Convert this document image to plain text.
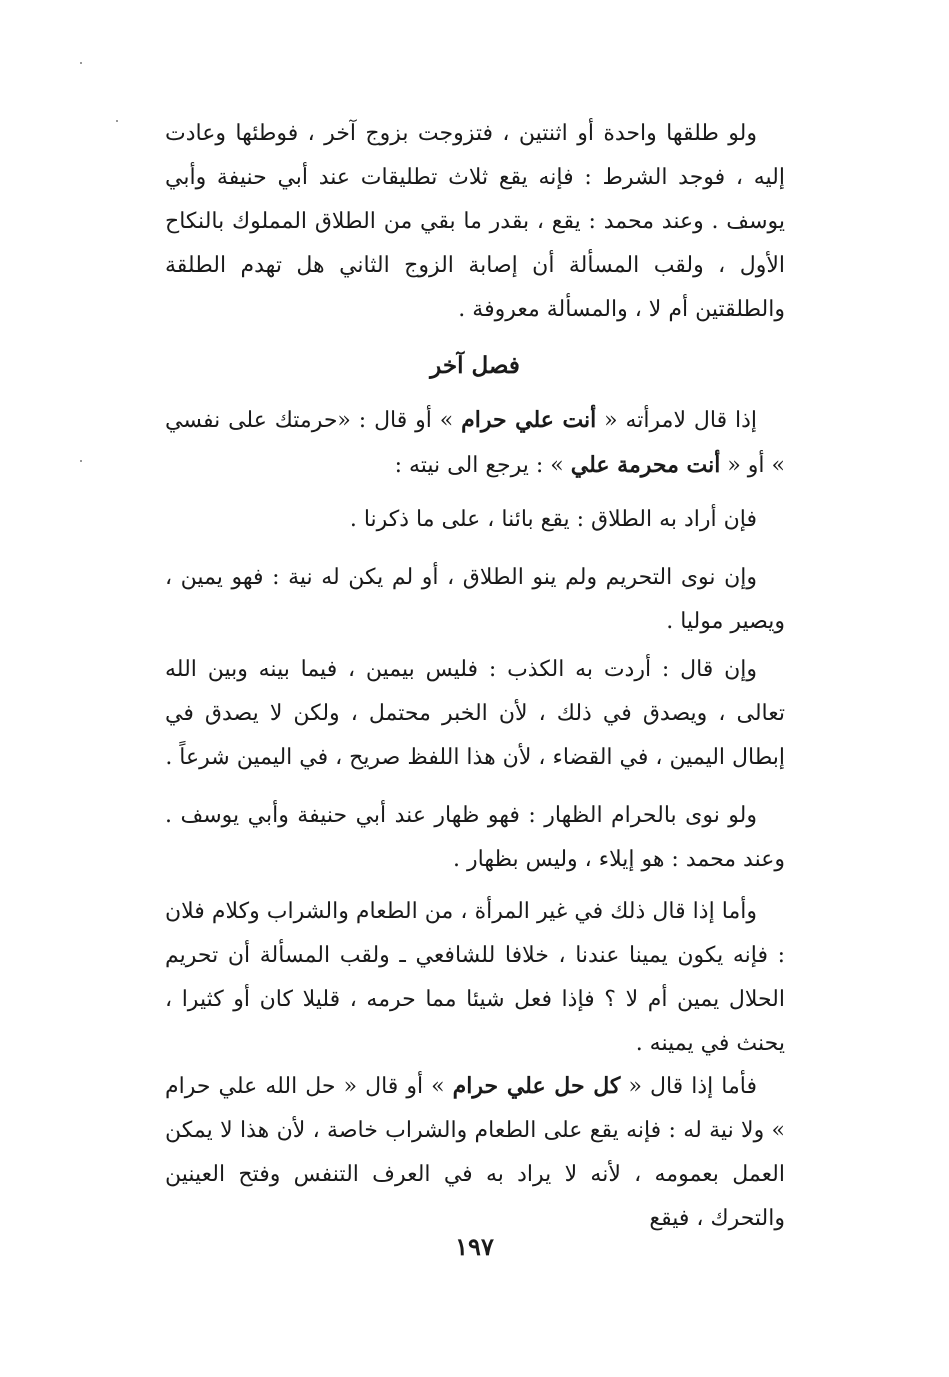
ولو طلقها واحدة أو اثنتين ، فتزوجت بزوج آخر ، فوطئها وعادت إليه ، فوجد الشرط : فإنه يقع ثلاث تطليقات عند أبي حنيفة وأبي يوسف . وعند محمد : يقع ، بقدر ما بقي من الطلاق المملوك بالنكاح الأول ، ولقب المسألة أن إصابة الزوج الثاني هل تهدم الطلقة والطلقتين أم لا ، والمسألة معروفة .

فصل آخر

إذا قال لامرأته « أنت علي حرام » أو قال : «حرمتك على نفسي » أو « أنت محرمة علي » : يرجع الى نيته :

فإن أراد به الطلاق : يقع بائنا ، على ما ذكرنا .

وإن نوى التحريم ولم ينو الطلاق ، أو لم يكن له نية : فهو يمين ، ويصير موليا .

وإن قال : أردت به الكذب : فليس بيمين ، فيما بينه وبين الله تعالى ، ويصدق في ذلك ، لأن الخبر محتمل ، ولكن لا يصدق في إبطال اليمين ، في القضاء ، لأن هذا اللفظ صريح ، في اليمين شرعاً .

ولو نوى بالحرام الظهار : فهو ظهار عند أبي حنيفة وأبي يوسف . وعند محمد : هو إيلاء ، وليس بظهار .

وأما إذا قال ذلك في غير المرأة ، من الطعام والشراب وكلام فلان : فإنه يكون يمينا عندنا ، خلافا للشافعي ـ ولقب المسألة أن تحريم الحلال يمين أم لا ؟ فإذا فعل شيئا مما حرمه ، قليلا كان أو كثيرا ، يحنث في يمينه .

فأما إذا قال « كل حل علي حرام » أو قال « حل الله علي حرام » ولا نية له : فإنه يقع على الطعام والشراب خاصة ، لأن هذا لا يمكن العمل بعمومه ، لأنه لا يراد به في العرف التنفس وفتح العينين والتحرك ، فيقع

١٩٧
